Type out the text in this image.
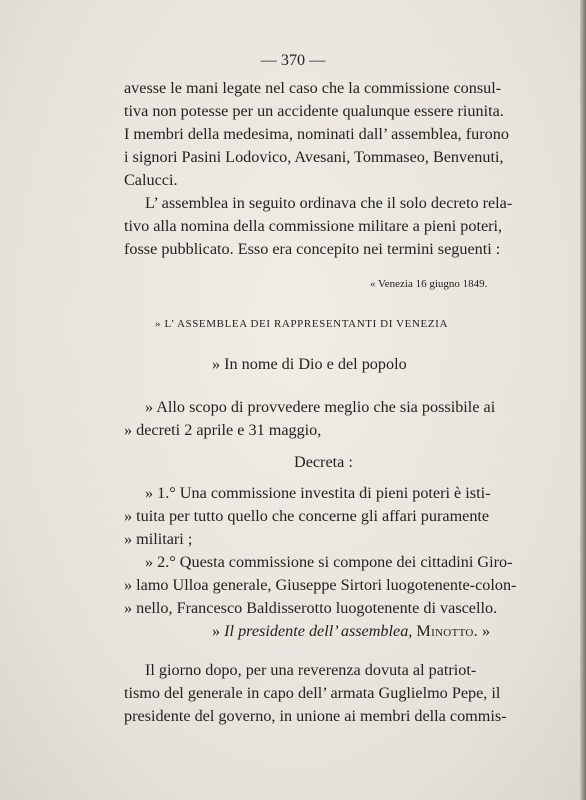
— 370 —
avesse le mani legate nel caso che la commissione consul-
tiva non potesse per un accidente qualunque essere riunita.
I membri della medesima, nominati dall’ assemblea, furono
i signori Pasini Lodovico, Avesani, Tommaseo, Benvenuti,
Calucci.
L’ assemblea in seguito ordinava che il solo decreto rela-
tivo alla nomina della commissione militare a pieni poteri,
fosse pubblicato. Esso era concepito nei termini seguenti :
« Venezia 16 giugno 1849.
» L’ ASSEMBLEA DEI RAPPRESENTANTI DI VENEZIA
» In nome di Dio e del popolo
» Allo scopo di provvedere meglio che sia possibile ai
» decreti 2 aprile e 31 maggio,
Decreta :
» 1.° Una commissione investita di pieni poteri è isti-
» tuita per tutto quello che concerne gli affari puramente
» militari ;
» 2.° Questa commissione si compone dei cittadini Giro-
» lamo Ulloa generale, Giuseppe Sirtori luogotenente-colon-
» nello, Francesco Baldisserotto luogotenente di vascello.
» Il presidente dell’ assemblea, Minotto. »
Il giorno dopo, per una reverenza dovuta al patriot-
tismo del generale in capo dell’ armata Guglielmo Pepe, il
presidente del governo, in unione ai membri della commis-
